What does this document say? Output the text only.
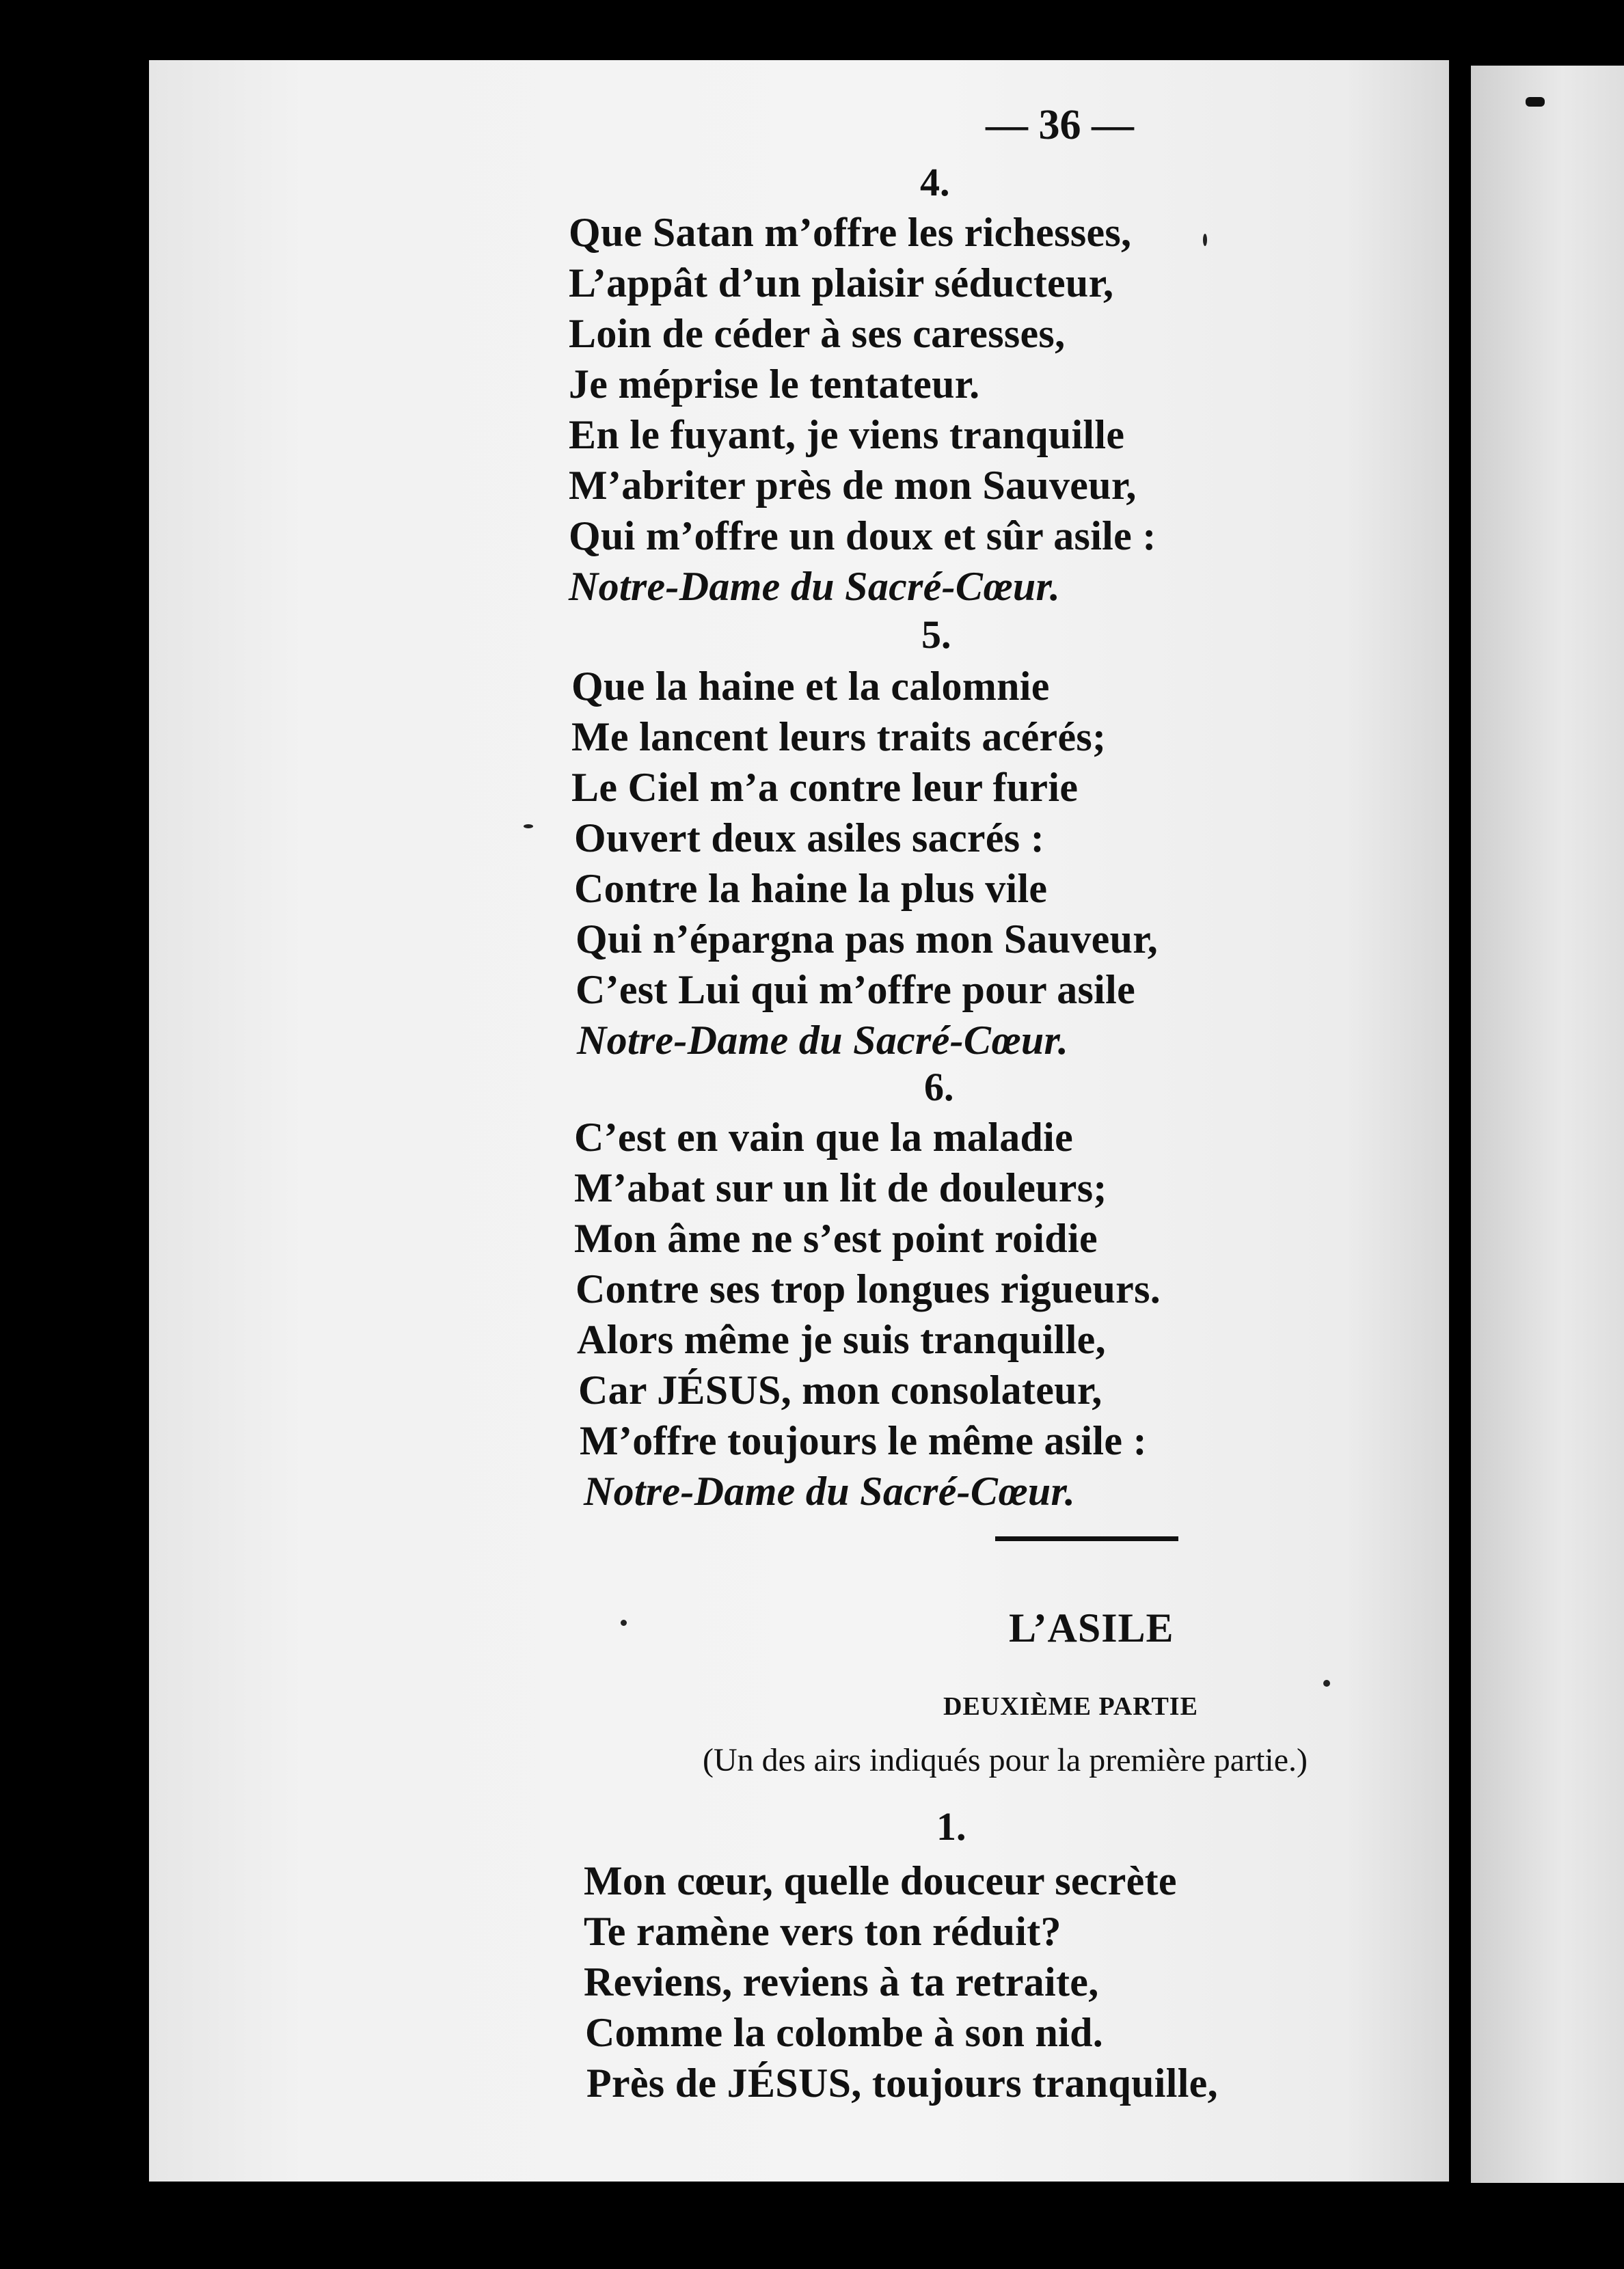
— 36 —
4.
Que Satan m’offre les richesses,
L’appât d’un plaisir séducteur,
Loin de céder à ses caresses,
Je méprise le tentateur.
En le fuyant, je viens tranquille
M’abriter près de mon Sauveur,
Qui m’offre un doux et sûr asile :
Notre-Dame du Sacré-Cœur.
5.
Que la haine et la calomnie
Me lancent leurs traits acérés;
Le Ciel m’a contre leur furie
Ouvert deux asiles sacrés :
Contre la haine la plus vile
Qui n’épargna pas mon Sauveur,
C’est Lui qui m’offre pour asile
Notre-Dame du Sacré-Cœur.
6.
C’est en vain que la maladie
M’abat sur un lit de douleurs;
Mon âme ne s’est point roidie
Contre ses trop longues rigueurs.
Alors même je suis tranquille,
Car JÉSUS, mon consolateur,
M’offre toujours le même asile :
Notre-Dame du Sacré-Cœur.
L’ASILE
DEUXIÈME PARTIE
(Un des airs indiqués pour la première partie.)
1.
Mon cœur, quelle douceur secrète
Te ramène vers ton réduit?
Reviens, reviens à ta retraite,
Comme la colombe à son nid.
Près de JÉSUS, toujours tranquille,
